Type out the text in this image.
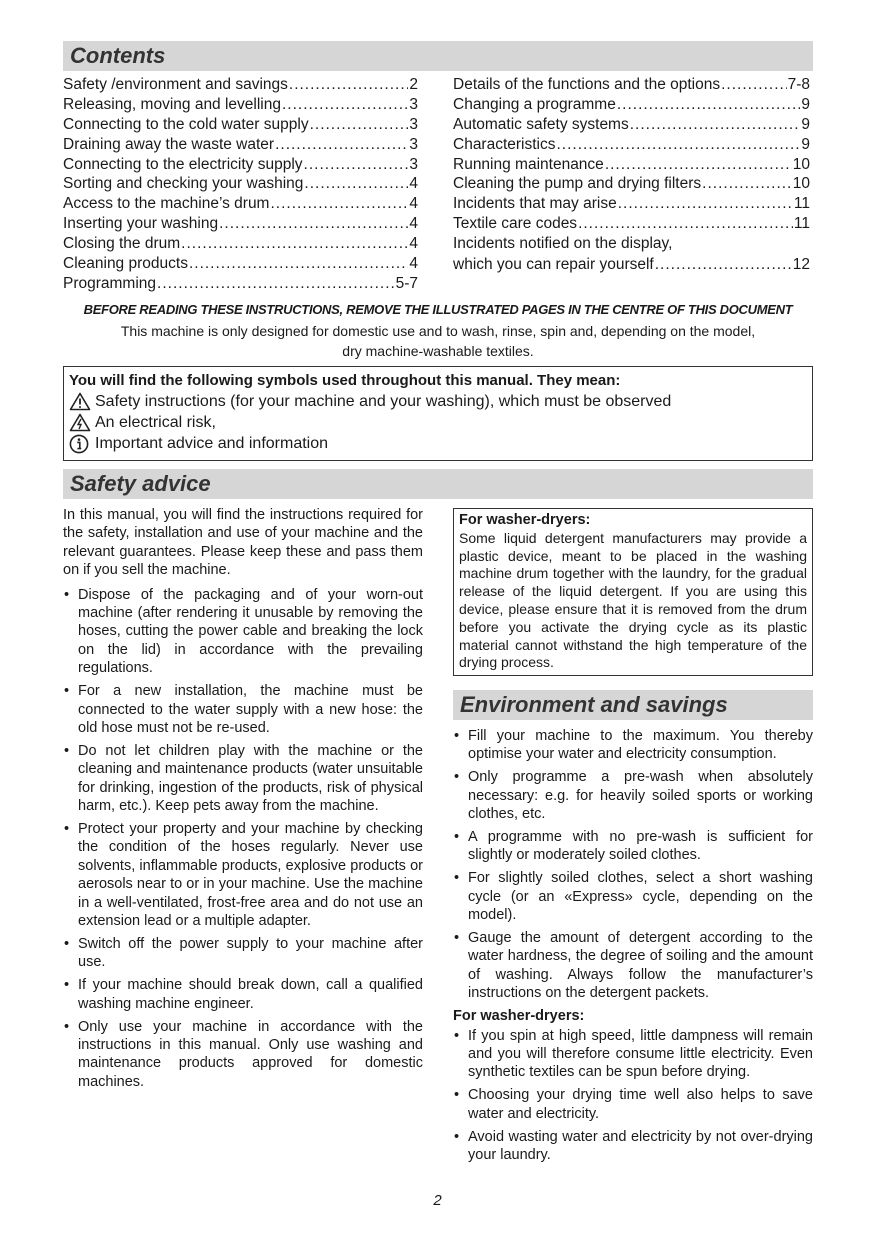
Contents
Safety /environment and savings .....	2
Releasing, moving and levelling .....	3
Connecting to the cold water supply .....	3
Draining away the waste water .....	3
Connecting to the electricity supply .....	3
Sorting and checking your washing .....	4
Access to the machine’s drum .....	4
Inserting your washing .....	4
Closing the drum .....	4
Cleaning products .....	4
Programming .....	5-7
Details of the functions and the options .....	7-8
Changing a programme .....	9
Automatic safety systems .....	9
Characteristics .....	9
Running maintenance .....	10
Cleaning the pump and drying filters .....	10
Incidents that may arise .....	11
Textile care codes .....	11
Incidents notified on the display,
which you can repair yourself .....	12
BEFORE READING THESE INSTRUCTIONS, REMOVE THE ILLUSTRATED PAGES IN THE CENTRE OF THIS DOCUMENT
This machine is only designed for domestic use and to wash, rinse, spin and, depending on the model,
dry machine-washable textiles.
You will find the following symbols used throughout this manual. They mean:
Safety instructions (for your machine and your washing), which must be observed
An electrical risk,
Important advice and information
Safety advice
In this manual, you will find the instructions required for the safety, installation and use of your machine and the relevant guarantees. Please keep these and pass them on if you sell the machine.
• Dispose of the packaging and of your worn-out machine (after rendering it unusable by removing the hoses, cutting the power cable and breaking the lock on the lid) in accordance with the prevailing regulations.
• For a new installation, the machine must be connected to the water supply with a new hose: the old hose must not be re-used.
• Do not let children play with the machine or the cleaning and maintenance products (water unsuitable for drinking, ingestion of the products, risk of physical harm, etc.). Keep pets away from the machine.
• Protect your property and your machine by checking the condition of the hoses regularly. Never use solvents, inflammable products, explosive products or aerosols near to or in your machine. Use the machine in a well-ventilated, frost-free area and do not use an extension lead or a multiple adapter.
• Switch off the power supply to your machine after use.
• If your machine should break down, call a qualified washing machine engineer.
• Only use your machine in accordance with the instructions in this manual. Only use washing and maintenance products approved for domestic machines.
For washer-dryers:
Some liquid detergent manufacturers may provide a plastic device, meant to be placed in the washing machine drum together with the laundry, for the gradual release of the liquid detergent. If you are using this device, please ensure that it is removed from the drum before you activate the drying cycle as its plastic material cannot withstand the high temperature of the drying process.
Environment and savings
• Fill your machine to the maximum. You thereby optimise your water and electricity consumption.
• Only programme a pre-wash when absolutely necessary: e.g. for heavily soiled sports or working clothes, etc.
• A programme with no pre-wash is sufficient for slightly or moderately soiled clothes.
• For slightly soiled clothes, select a short washing cycle (or an «Express» cycle, depending on the model).
• Gauge the amount of detergent according to the water hardness, the degree of soiling and the amount of washing. Always follow the manufacturer’s instructions on the detergent packets.
For washer-dryers:
• If you spin at high speed, little dampness will remain and you will therefore consume little electricity. Even synthetic textiles can be spun before drying.
• Choosing your drying time well also helps to save water and electricity.
• Avoid wasting water and electricity by not over-drying your laundry.
2
